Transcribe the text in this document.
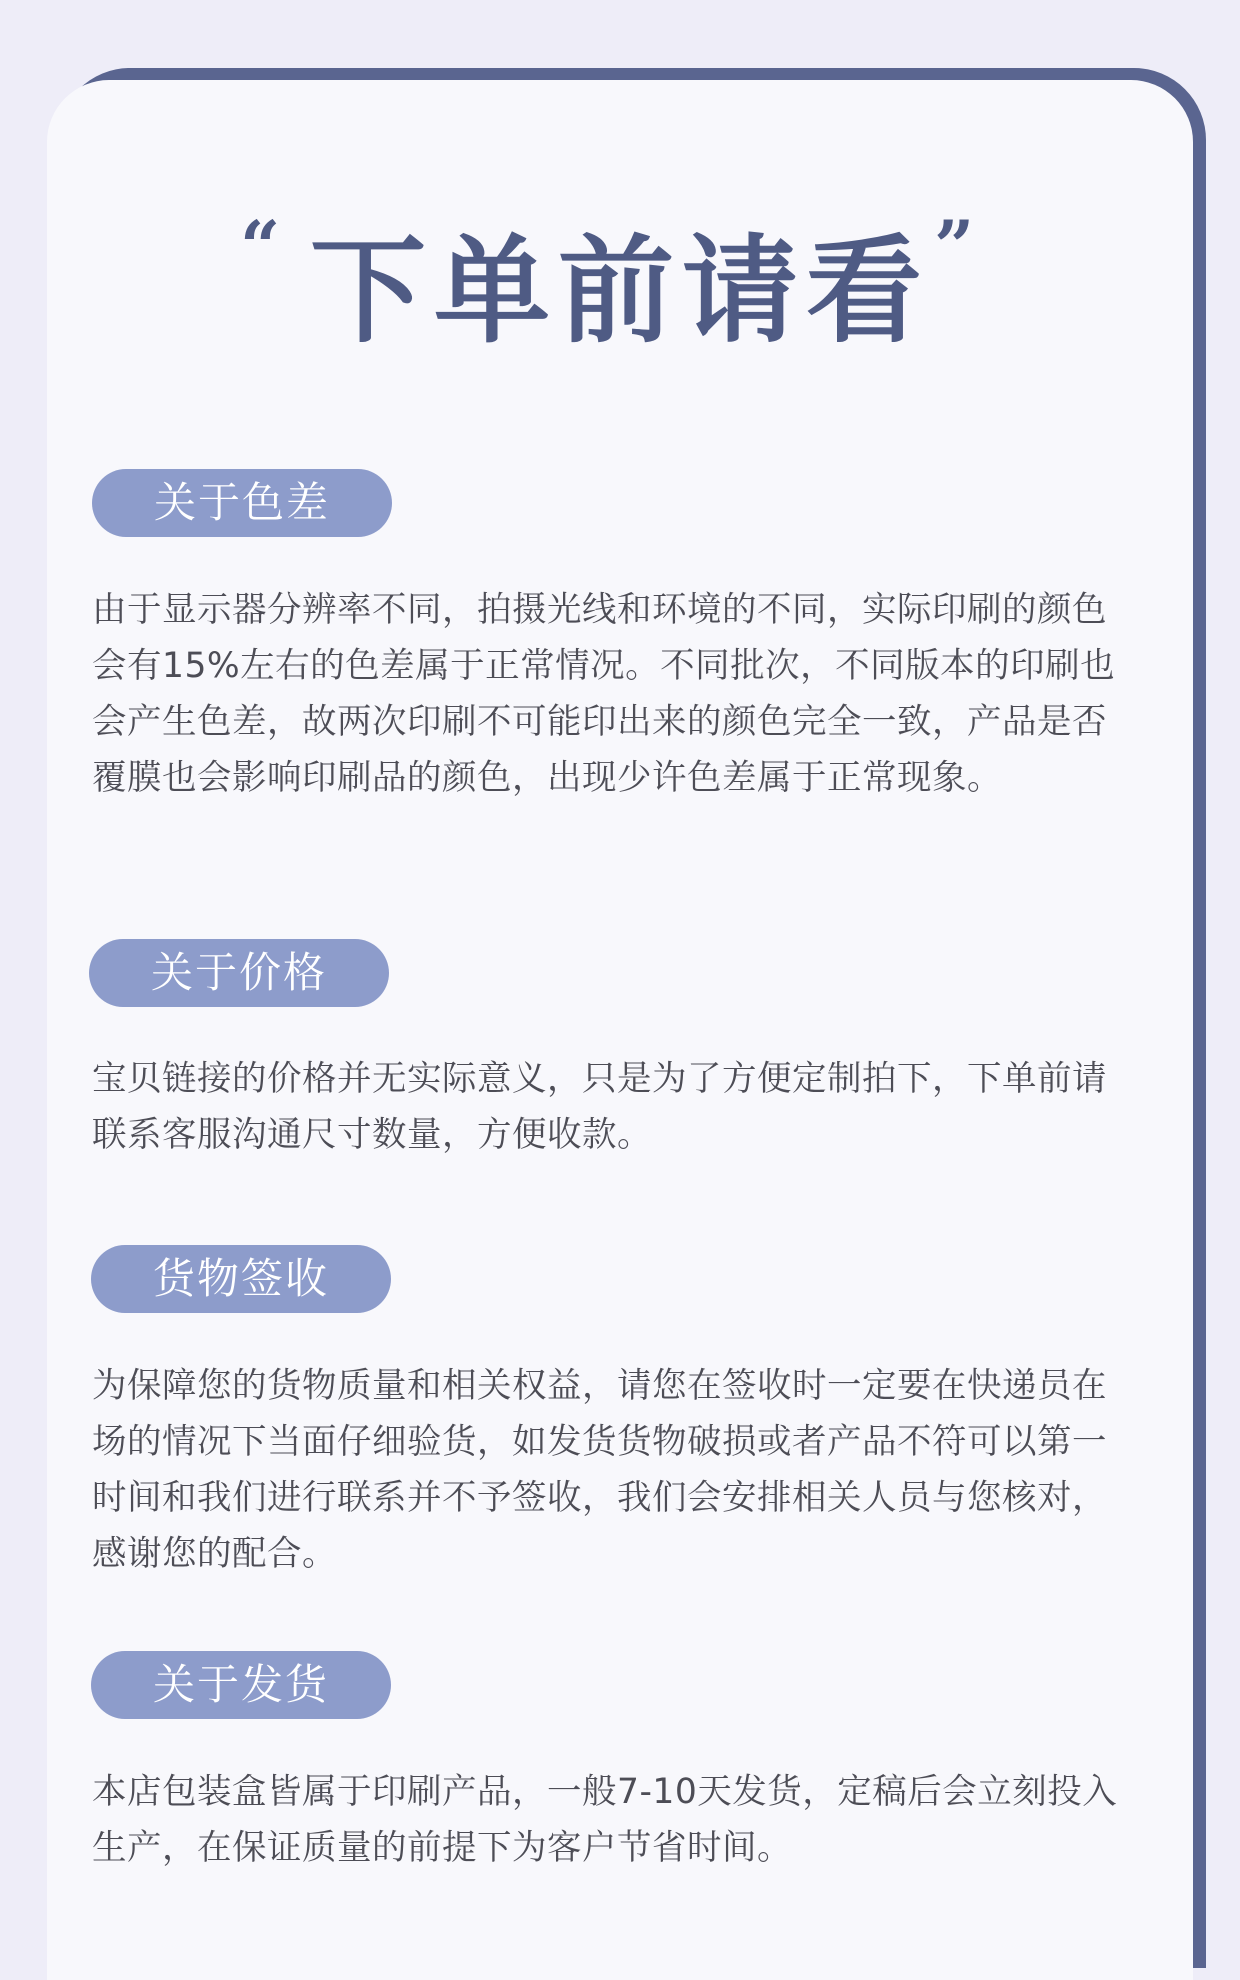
“ 下单前请看 ”
关于色差
由于显示器分辨率不同，拍摄光线和环境的不同，实际印刷的颜色会有15%左右的色差属于正常情况。不同批次，不同版本的印刷也会产生色差，故两次印刷不可能印出来的颜色完全一致，产品是否覆膜也会影响印刷品的颜色，出现少许色差属于正常现象。
关于价格
宝贝链接的价格并无实际意义，只是为了方便定制拍下，下单前请联系客服沟通尺寸数量，方便收款。
货物签收
为保障您的货物质量和相关权益，请您在签收时一定要在快递员在场的情况下当面仔细验货，如发货货物破损或者产品不符可以第一时间和我们进行联系并不予签收，我们会安排相关人员与您核对，感谢您的配合。
关于发货
本店包装盒皆属于印刷产品，一般7-10天发货，定稿后会立刻投入生产，在保证质量的前提下为客户节省时间。
